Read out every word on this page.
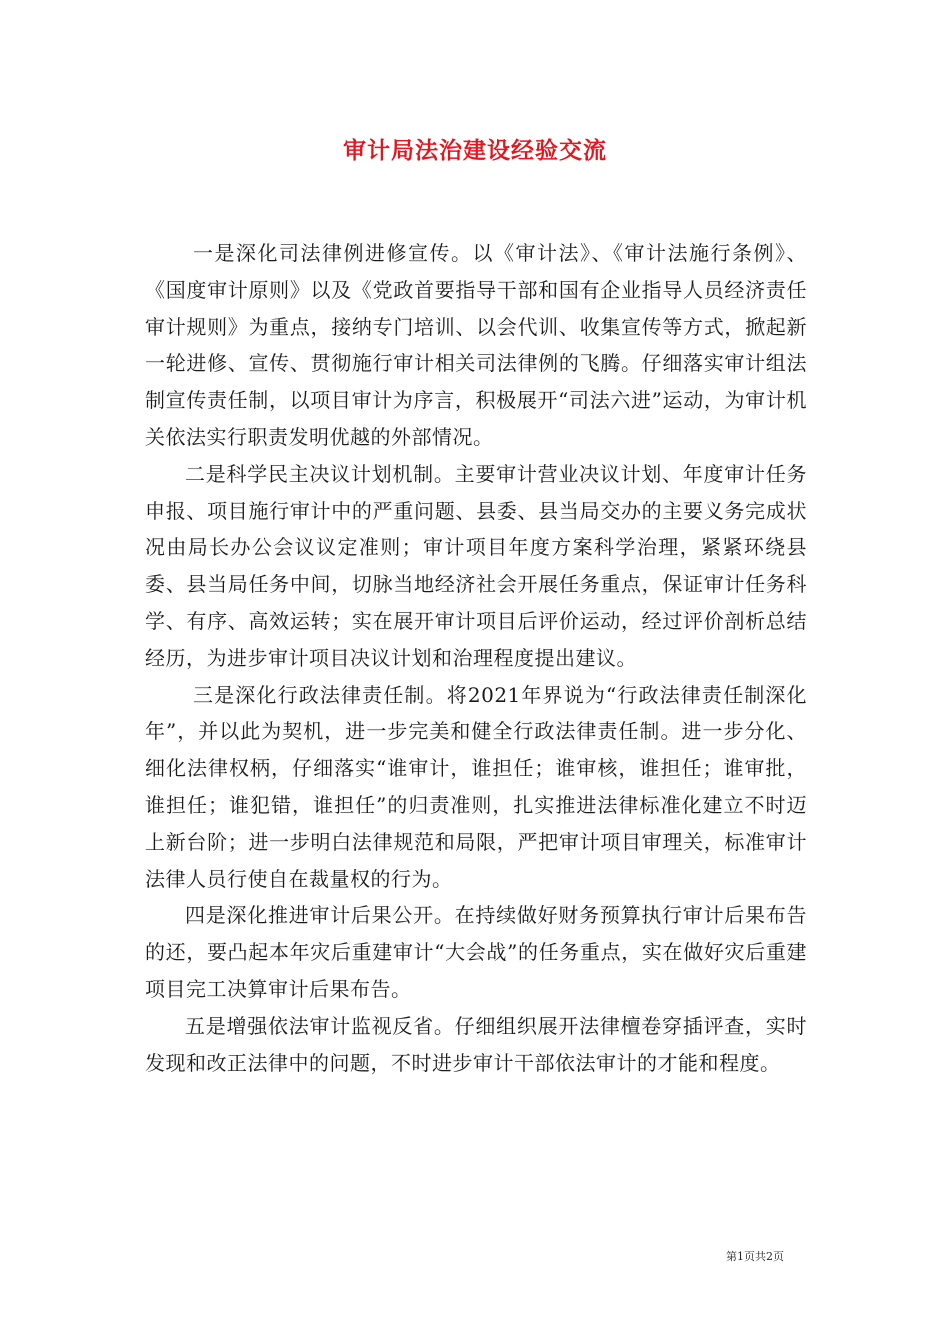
审计局法治建设经验交流

一是深化司法律例进修宣传。以《审计法》、《审计法施行条例》、《国度审计原则》以及《党政首要指导干部和国有企业指导人员经济责任审计规则》为重点，接纳专门培训、以会代训、收集宣传等方式，掀起新一轮进修、宣传、贯彻施行审计相关司法律例的飞腾。仔细落实审计组法制宣传责任制，以项目审计为序言，积极展开“司法六进”运动，为审计机关依法实行职责发明优越的外部情况。

二是科学民主决议计划机制。主要审计营业决议计划、年度审计任务申报、项目施行审计中的严重问题、县委、县当局交办的主要义务完成状况由局长办公会议议定准则；审计项目年度方案科学治理，紧紧环绕县委、县当局任务中间，切脉当地经济社会开展任务重点，保证审计任务科学、有序、高效运转；实在展开审计项目后评价运动，经过评价剖析总结经历，为进步审计项目决议计划和治理程度提出建议。

三是深化行政法律责任制。将2021年界说为“行政法律责任制深化年”，并以此为契机，进一步完美和健全行政法律责任制。进一步分化、细化法律权柄，仔细落实“谁审计，谁担任；谁审核，谁担任；谁审批，谁担任；谁犯错，谁担任”的归责准则，扎实推进法律标准化建立不时迈上新台阶；进一步明白法律规范和局限，严把审计项目审理关，标准审计法律人员行使自在裁量权的行为。

四是深化推进审计后果公开。在持续做好财务预算执行审计后果布告的还，要凸起本年灾后重建审计“大会战”的任务重点，实在做好灾后重建项目完工决算审计后果布告。

五是增强依法审计监视反省。仔细组织展开法律檀卷穿插评查，实时发现和改正法律中的问题，不时进步审计干部依法审计的才能和程度。

第1页共2页
